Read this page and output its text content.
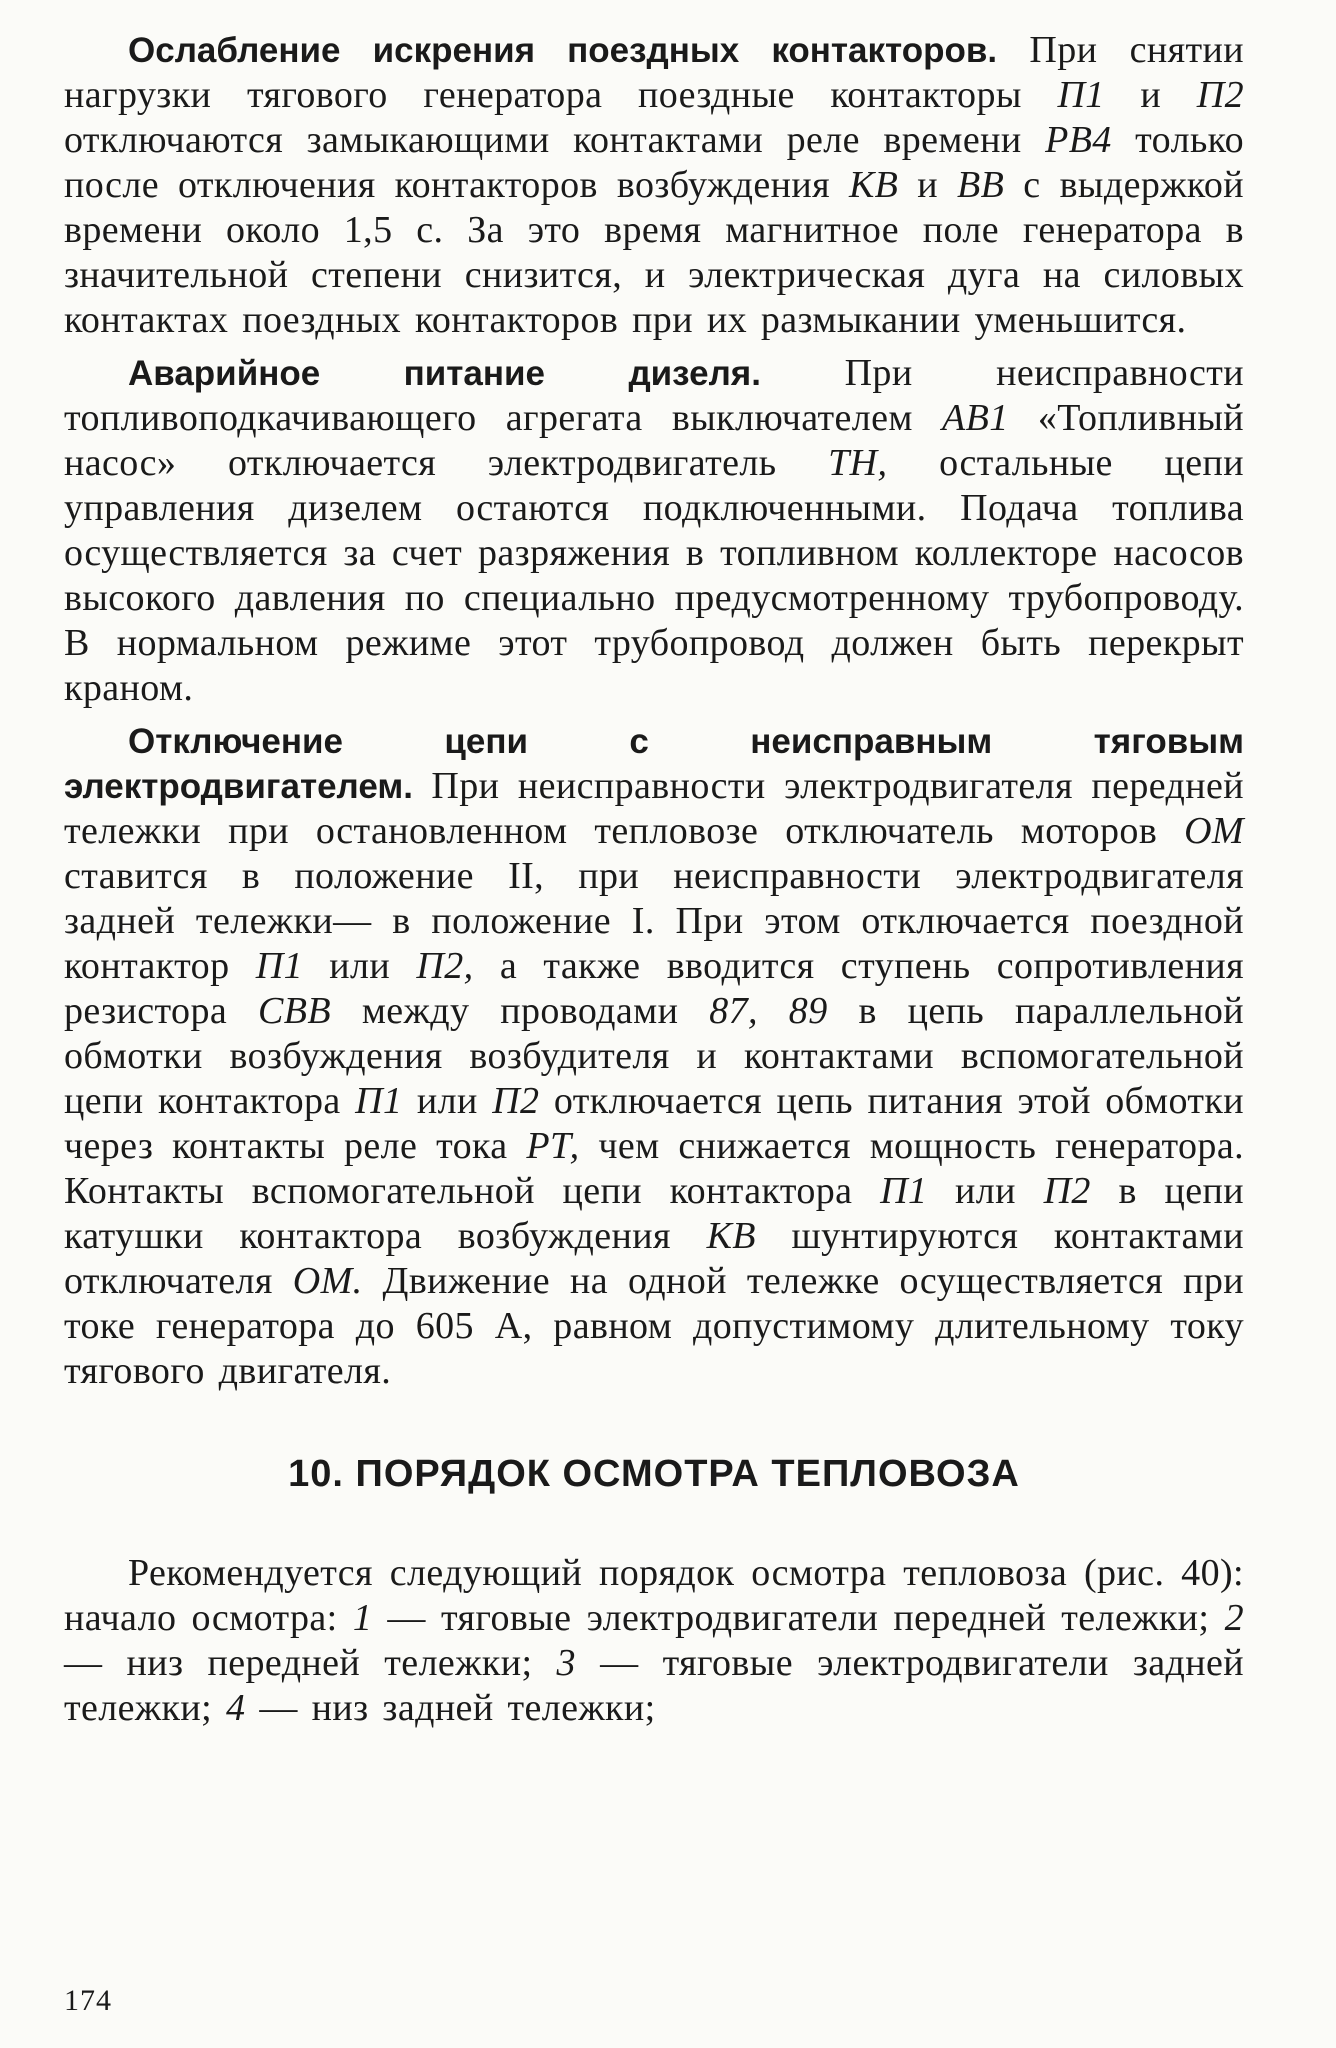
Ослабление искрения поездных контакторов. При снятии нагрузки тягового генератора поездные контакторы П1 и П2 отключаются замыкающими контактами реле времени РВ4 только после отключения контакторов возбуждения КВ и ВВ с выдержкой времени около 1,5 с. За это время магнитное поле генератора в значительной степени снизится, и электрическая дуга на силовых контактах поездных контакторов при их размыкании уменьшится.

Аварийное питание дизеля. При неисправности топливоподкачивающего агрегата выключателем АВ1 «Топливный насос» отключается электродвигатель ТН, остальные цепи управления дизелем остаются подключенными. Подача топлива осуществляется за счет разряжения в топливном коллекторе насосов высокого давления по специально предусмотренному трубопроводу. В нормальном режиме этот трубопровод должен быть перекрыт краном.

Отключение цепи с неисправным тяговым электродвигателем. При неисправности электродвигателя передней тележки при остановленном тепловозе отключатель моторов ОМ ставится в положение II, при неисправности электродвигателя задней тележки— в положение I. При этом отключается поездной контактор П1 или П2, а также вводится ступень сопротивления резистора СВВ между проводами 87, 89 в цепь параллельной обмотки возбуждения возбудителя и контактами вспомогательной цепи контактора П1 или П2 отключается цепь питания этой обмотки через контакты реле тока РТ, чем снижается мощность генератора. Контакты вспомогательной цепи контактора П1 или П2 в цепи катушки контактора возбуждения КВ шунтируются контактами отключателя ОМ. Движение на одной тележке осуществляется при токе генератора до 605 А, равном допустимому длительному току тягового двигателя.

10. ПОРЯДОК ОСМОТРА ТЕПЛОВОЗА

Рекомендуется следующий порядок осмотра тепловоза (рис. 40): начало осмотра: 1 — тяговые электродвигатели передней тележки; 2 — низ передней тележки; 3 — тяговые электродвигатели задней тележки; 4 — низ задней тележки;

174
